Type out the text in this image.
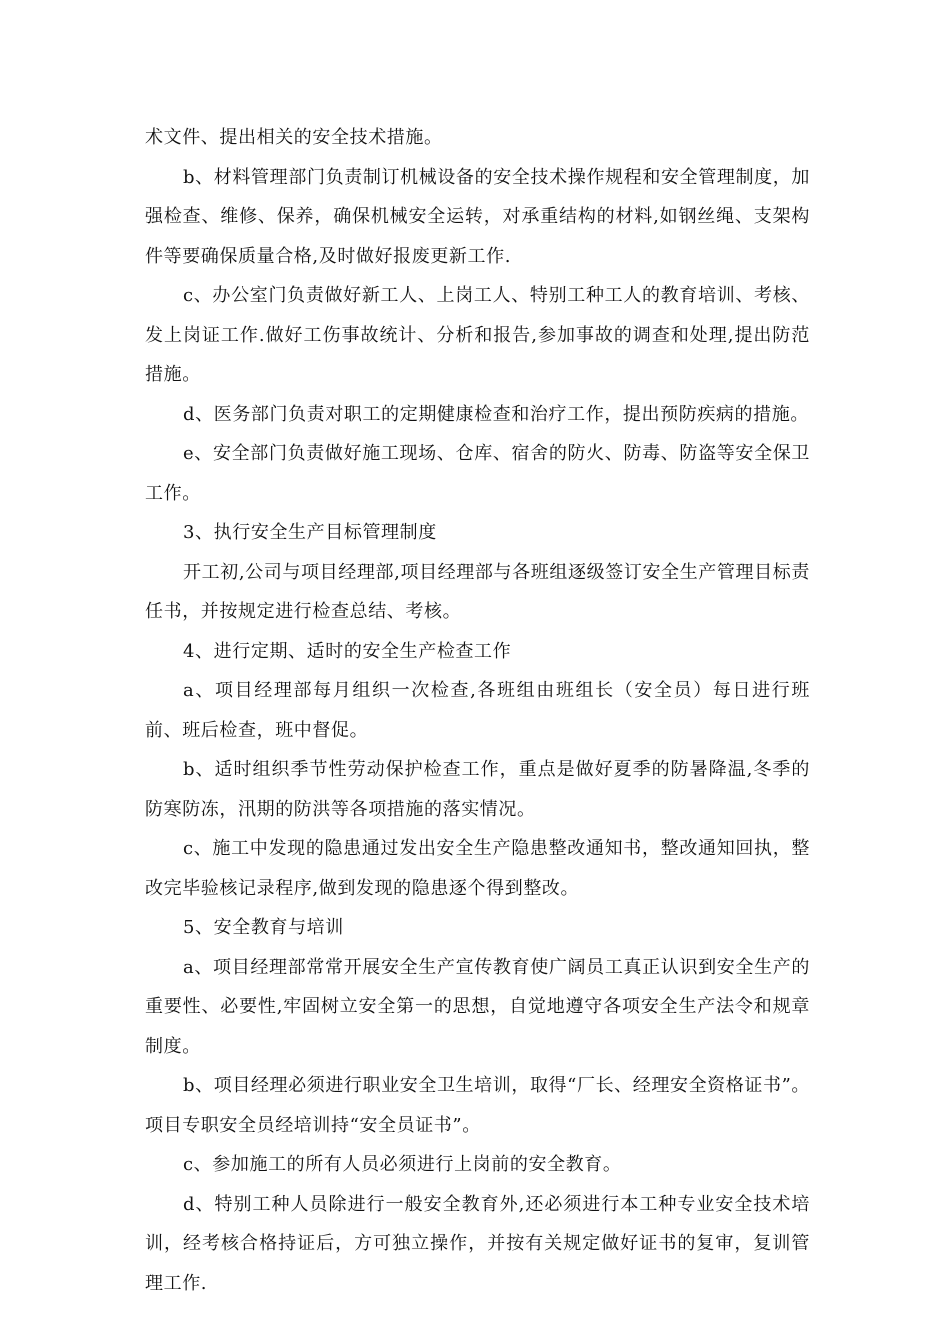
术文件、提出相关的安全技术措施。

b、材料管理部门负责制订机械设备的安全技术操作规程和安全管理制度，加强检查、维修、保养，确保机械安全运转，对承重结构的材料,如钢丝绳、支架构件等要确保质量合格,及时做好报废更新工作.

c、办公室门负责做好新工人、上岗工人、特别工种工人的教育培训、考核、发上岗证工作.做好工伤事故统计、分析和报告,参加事故的调查和处理,提出防范措施。

d、医务部门负责对职工的定期健康检查和治疗工作，提出预防疾病的措施。

e、安全部门负责做好施工现场、仓库、宿舍的防火、防毒、防盗等安全保卫工作。

3、执行安全生产目标管理制度

开工初,公司与项目经理部,项目经理部与各班组逐级签订安全生产管理目标责任书，并按规定进行检查总结、考核。

4、进行定期、适时的安全生产检查工作

a、项目经理部每月组织一次检查,各班组由班组长（安全员）每日进行班前、班后检查，班中督促。

b、适时组织季节性劳动保护检查工作，重点是做好夏季的防暑降温,冬季的防寒防冻，汛期的防洪等各项措施的落实情况。

c、施工中发现的隐患通过发出安全生产隐患整改通知书，整改通知回执，整改完毕验核记录程序,做到发现的隐患逐个得到整改。

5、安全教育与培训

a、项目经理部常常开展安全生产宣传教育使广阔员工真正认识到安全生产的重要性、必要性,牢固树立安全第一的思想，自觉地遵守各项安全生产法令和规章制度。

b、项目经理必须进行职业安全卫生培训，取得“厂长、经理安全资格证书”。项目专职安全员经培训持“安全员证书”。

c、参加施工的所有人员必须进行上岗前的安全教育。

d、特别工种人员除进行一般安全教育外,还必须进行本工种专业安全技术培训，经考核合格持证后，方可独立操作，并按有关规定做好证书的复审，复训管理工作.
